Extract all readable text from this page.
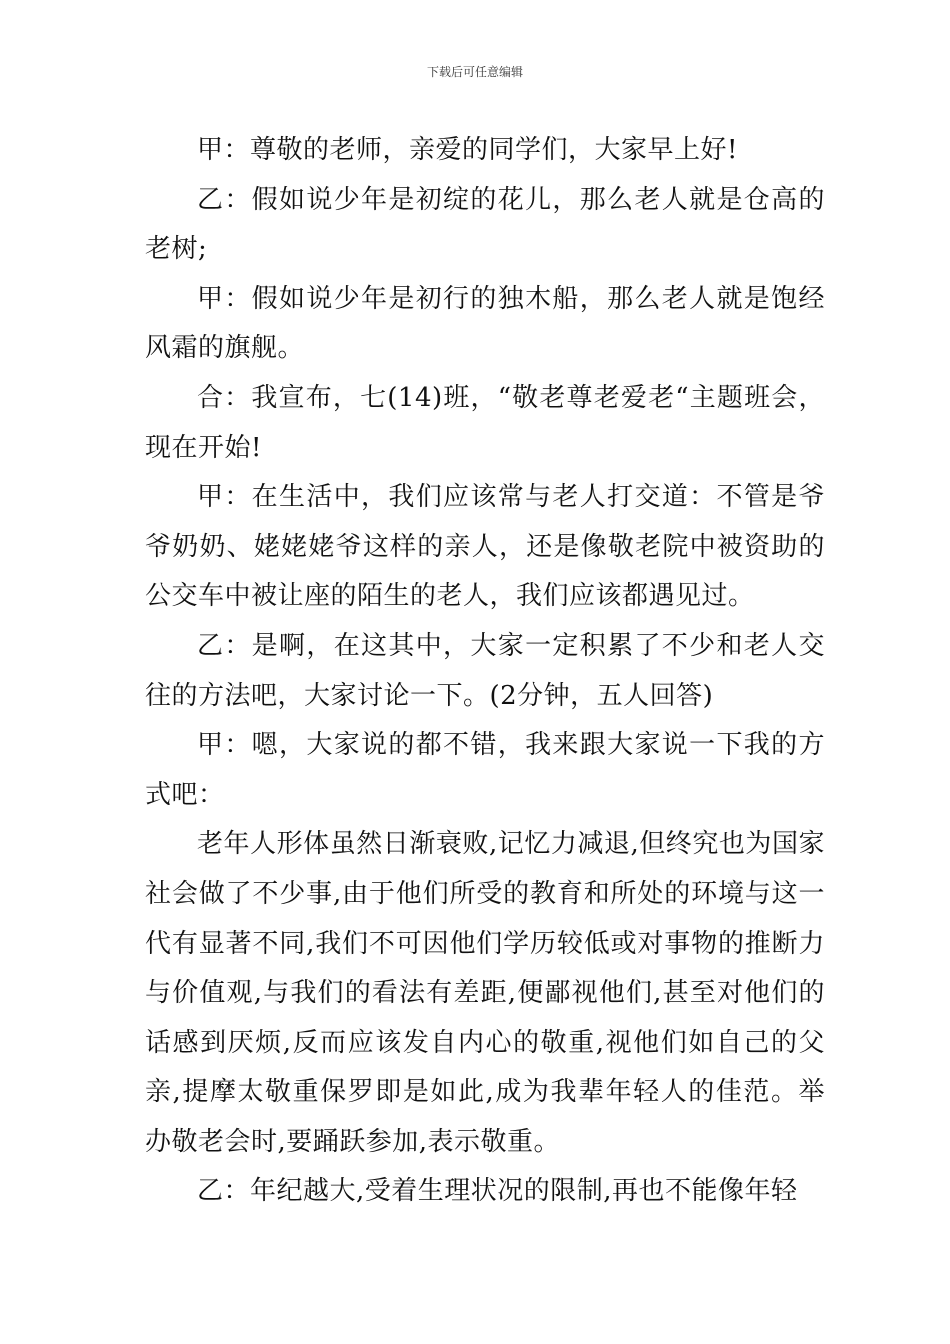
下载后可任意编辑

甲：尊敬的老师，亲爱的同学们，大家早上好!

乙：假如说少年是初绽的花儿，那么老人就是仓高的老树;

甲：假如说少年是初行的独木船，那么老人就是饱经风霜的旗舰。

合：我宣布，七(14)班，“敬老尊老爱老“主题班会，现在开始!

甲：在生活中，我们应该常与老人打交道：不管是爷爷奶奶、姥姥姥爷这样的亲人，还是像敬老院中被资助的公交车中被让座的陌生的老人，我们应该都遇见过。

乙：是啊，在这其中，大家一定积累了不少和老人交往的方法吧，大家讨论一下。(2分钟，五人回答)

甲：嗯，大家说的都不错，我来跟大家说一下我的方式吧：

老年人形体虽然日渐衰败,记忆力减退,但终究也为国家社会做了不少事,由于他们所受的教育和所处的环境与这一代有显著不同,我们不可因他们学历较低或对事物的推断力与价值观,与我们的看法有差距,便鄙视他们,甚至对他们的话感到厌烦,反而应该发自内心的敬重,视他们如自己的父亲,提摩太敬重保罗即是如此,成为我辈年轻人的佳范。举办敬老会时,要踊跃参加,表示敬重。

乙：年纪越大,受着生理状况的限制,再也不能像年轻
